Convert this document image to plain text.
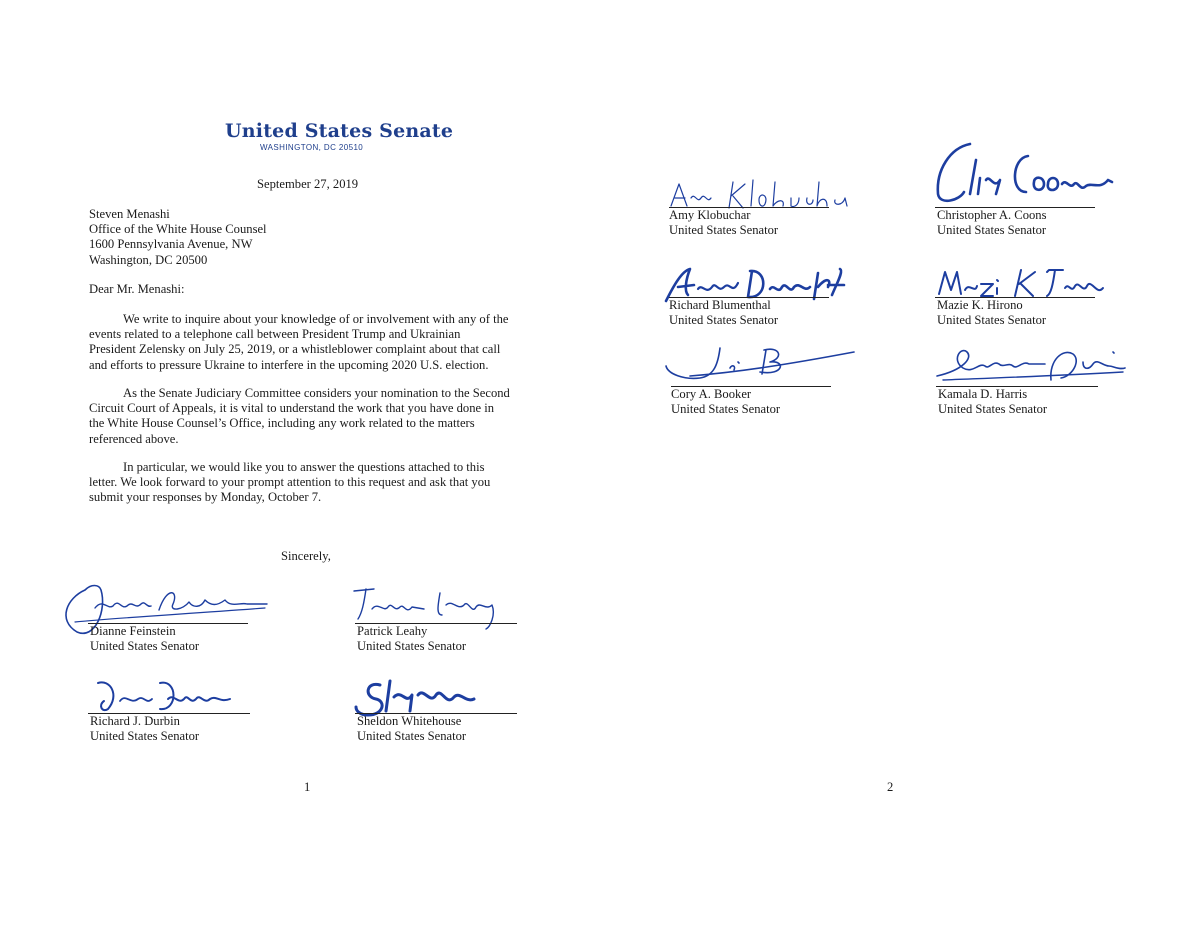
United States Senate
WASHINGTON, DC 20510
September 27, 2019
Steven Menashi
Office of the White House Counsel
1600 Pennsylvania Avenue, NW
Washington, DC 20500
Dear Mr. Menashi:
We write to inquire about your knowledge of or involvement with any of the
events related to a telephone call between President Trump and Ukrainian
President Zelensky on July 25, 2019, or a whistleblower complaint about that call
and efforts to pressure Ukraine to interfere in the upcoming 2020 U.S. election.
As the Senate Judiciary Committee considers your nomination to the Second
Circuit Court of Appeals, it is vital to understand the work that you have done in
the White House Counsel’s Office, including any work related to the matters
referenced above.
In particular, we would like you to answer the questions attached to this
letter. We look forward to your prompt attention to this request and ask that you
submit your responses by Monday, October 7.
Sincerely,
Dianne Feinstein
United States Senator
Patrick Leahy
United States Senator
Richard J. Durbin
United States Senator
Sheldon Whitehouse
United States Senator
1
Amy Klobuchar
United States Senator
Christopher A. Coons
United States Senator
Richard Blumenthal
United States Senator
Mazie K. Hirono
United States Senator
Cory A. Booker
United States Senator
Kamala D. Harris
United States Senator
2
